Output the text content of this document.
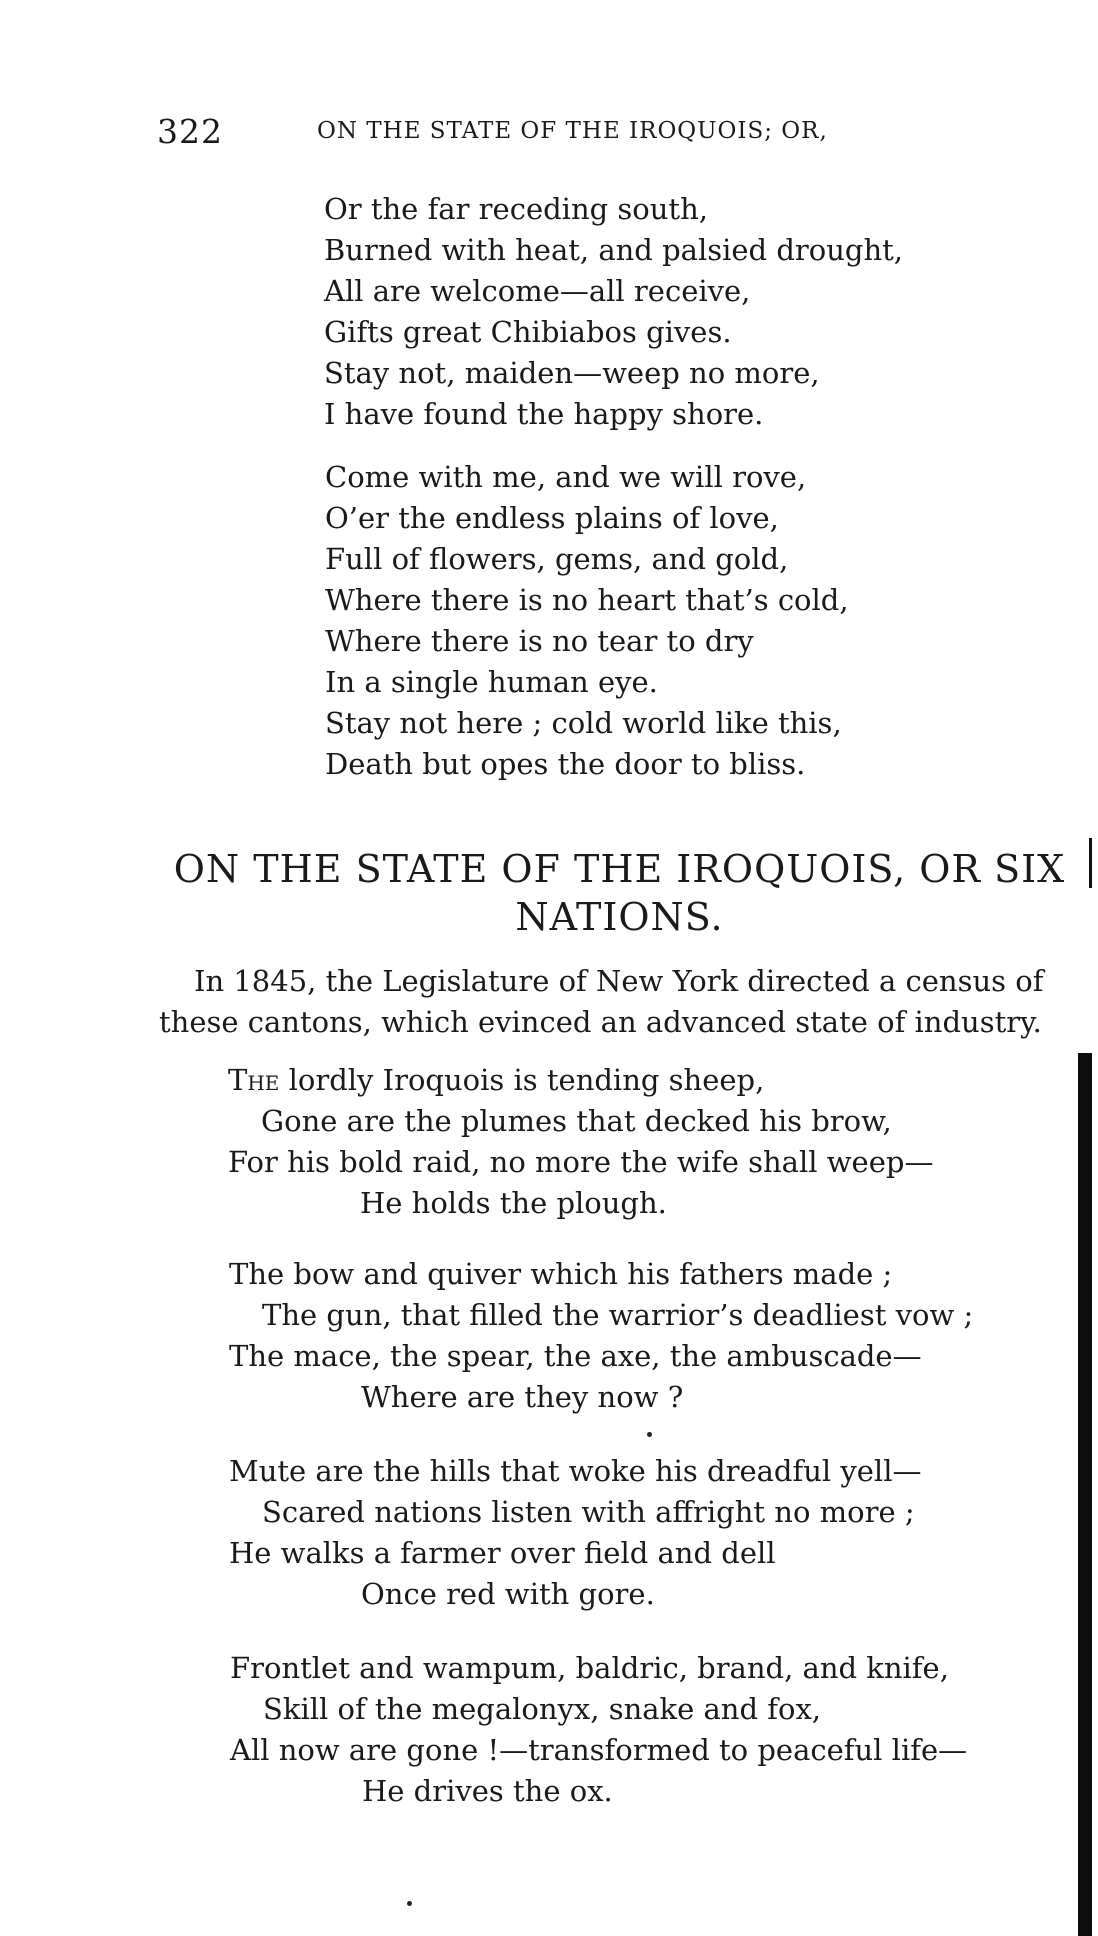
322	ON THE STATE OF THE IROQUOIS; OR,
Or the far receding south,
Burned with heat, and palsied drought,
All are welcome—all receive,
Gifts great Chibiabos gives.
Stay not, maiden—weep no more,
I have found the happy shore.
Come with me, and we will rove,
O’er the endless plains of love,
Full of flowers, gems, and gold,
Where there is no heart that’s cold,
Where there is no tear to dry
In a single human eye.
Stay not here ; cold world like this,
Death but opes the door to bliss.
ON THE STATE OF THE IROQUOIS, OR SIX
NATIONS.
In 1845, the Legislature of New York directed a census of
these cantons, which evinced an advanced state of industry.
The lordly Iroquois is tending sheep,
Gone are the plumes that decked his brow,
For his bold raid, no more the wife shall weep—
He holds the plough.
The bow and quiver which his fathers made ;
The gun, that filled the warrior’s deadliest vow ;
The mace, the spear, the axe, the ambuscade—
Where are they now ?
Mute are the hills that woke his dreadful yell—
Scared nations listen with affright no more ;
He walks a farmer over field and dell
Once red with gore.
Frontlet and wampum, baldric, brand, and knife,
Skill of the megalonyx, snake and fox,
All now are gone !—transformed to peaceful life—
He drives the ox.
